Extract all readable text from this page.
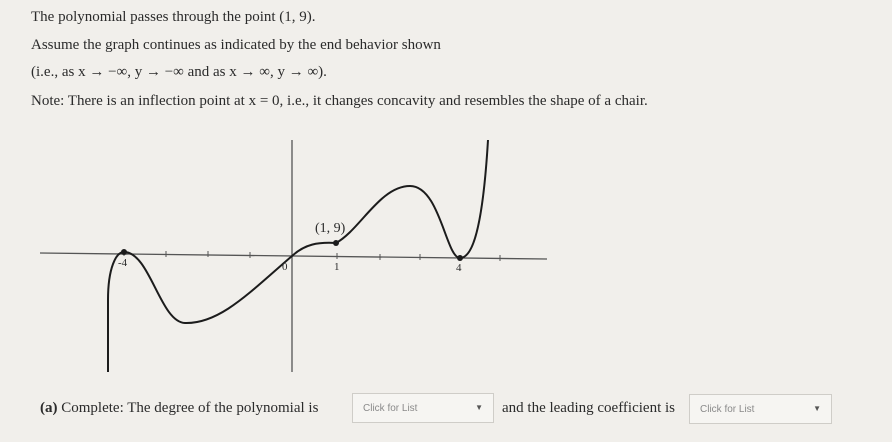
The polynomial passes through the point (1, 9).
Assume the graph continues as indicated by the end behavior shown
(i.e., as x → −∞, y → −∞ and as x → ∞, y → ∞).
Note: There is an inflection point at x = 0, i.e., it changes concavity and resembles the shape of a chair.
(1, 9)
-4	0	1	4
(a) Complete: The degree of the polynomial is	Click for List	▼ and the leading coefficient is	Click for List	▼
